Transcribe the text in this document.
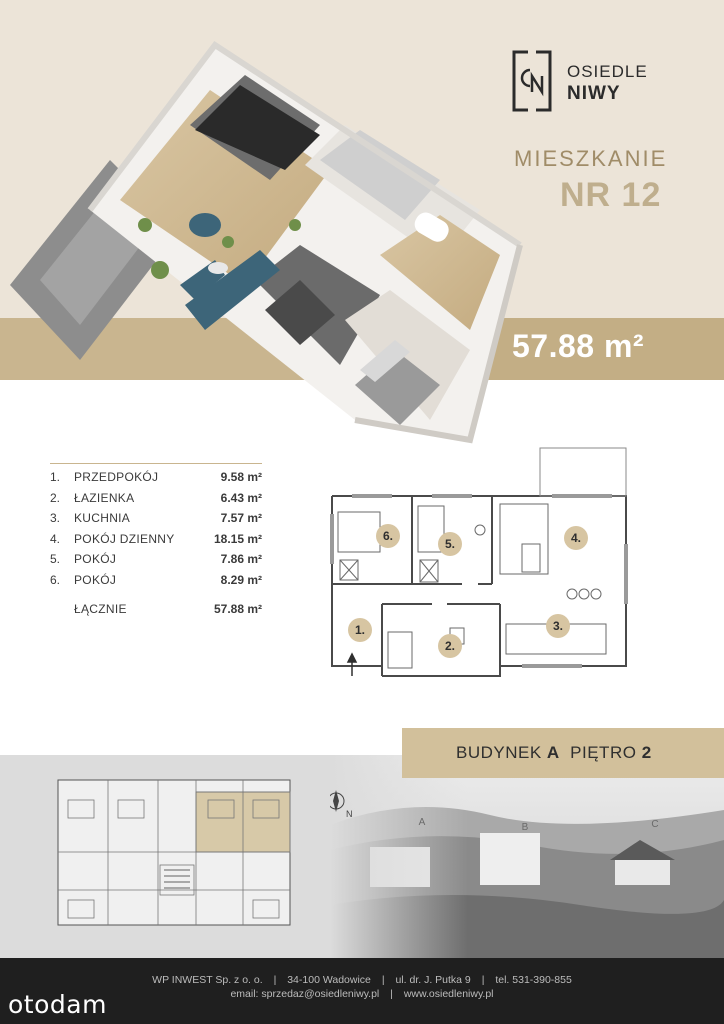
OSIEDLE
NIWY
MIESZKANIE
NR 12
57.88 m²
1. PRZEDPOKÓJ	9.58 m²
2. ŁAZIENKA	6.43 m²
3. KUCHNIA	7.57 m²
4. POKÓJ DZIENNY	18.15 m²
5. POKÓJ	7.86 m²
6. POKÓJ	8.29 m²
ŁĄCZNIE	57.88 m²
1.
2.
3.
4.
5.
6.
A	B	C
N
BUDYNEK A PIĘTRO 2
WP INWEST Sp. z o. o. | 34-100 Wadowice | ul. dr. J. Putka 9 | tel. 531-390-855
email: sprzedaz@osiedleniwy.pl | www.osiedleniwy.pl
otodam
